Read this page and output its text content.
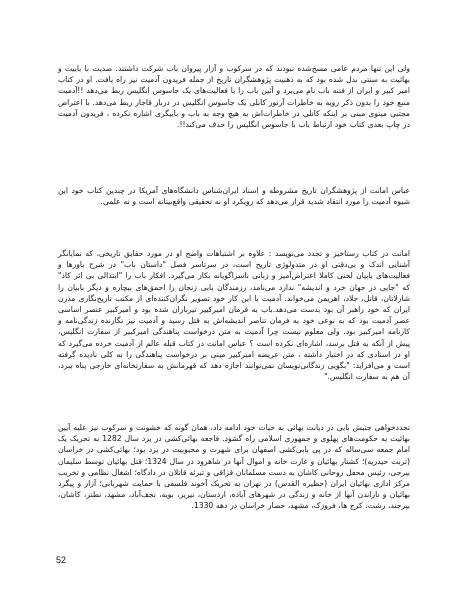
ولی این تنها مردم عامی مسخ‌شده نبودند که در سرکوب و آزار پیروان باب شرکت داشتند. ضدیت با بابیت و بهائیت به سنتی بدل شده بود که به ذهنیت پژوهشگران تاریخ از جمله فریدون آدمیت نیز راه یافت. او در کتاب امیر کبیر و ایران از فتنه باب نام می‌برد و آئین باب را با فعالیت‌های یک جاسوس انگلیس ربط می‌دهد !!آدمیت منبع خود را بدون ذکر رویه به خاطرات آرتور کانلی یک جاسوس انگلیس در دربار قاجار ربط می‌دهد. با اعتراض مجتبی مینوی مبنی بر اینکه کانلی در خاطرات‌اش به هیچ وجه به باب و بابیگری اشاره نکرده ، فریدون آدمیت در چاپ بعدی کتاب خود ارتباط باب با جاسوس انگلیس را حذف می‌کند!!.

عباس امانت از پژوهشگران تاریخ مشروطه و اسناد ایران‌شناس دانشگاه‌های آمریکا در چندین کتاب خود این شیوه آدمیت را مورد انتقاد شدید قرار می‌دهد که رویکرد او نه تحقیقی واقع‌بینانه است و نه علمی.

امانت در کتاب رستاخیز و تجدد می‌نویسد : علاوه بر اشتباهات واضح او در مورد حقایق تاریخی، که نمایانگر آشنایی اندک و بی‌دقتی او در متدولوژی تاریخ است، در سرتاسر فصل "داستان باب" در شرح باورها و فعالیت‌های بابیان لحنی کاملا اعتراض‌آمیز و زبانی ناسزاگویانه بکار می‌گیرد. افکار باب را "ابتذالی بی اثر کاذ" که "جایی در جهان خرد و اندیشه" ندارد می‌نامد، رزمندگان بابی زنجان را احمق‌های بیچاره و دیگر بابیان را شارلاتان، قاتل، جلاد، اهریمن می‌خواند. آدمیت با این کار خود تصویر نگران‌کننده‌ای از مکتب تاریخ‌نگاری مدرن ایران که خود راهبر آن بود بدست می‌دهد.باب به فرمان امیرکبیر تیرباران شده بود و امیرکبیر عنصر اساسی عصر آدمیت بود که به نوعی خود به فرمان تناصر اندیشه‌اش به قتل رسید و آدمیت نیز نگارنده زندگی‌نامه و کارنامه امیرکبیر بود. ولی معلوم نیست چرا آدمیت به متن درخواست پناهندگی امیرکبیر از سفارت انگلیس، پیش از آنکه به قتل برسد، اشاره‌ای نکرده است ؟ عباس امانت در کتاب قبله عالم از آدمیت خرده می‌گیرد که او در اسنادی که در اختیار داشته ، متن عریضه امیرکبیر مبنی بر درخواست پناهندگی را به کلی نادیده گرفته است و می‌افزاید: "بگویی زندگانی‌نویسان نمی‌توانند اجازه دهد که قهرمانش به سفارتخانه‌ای خارجی پناه ببرد، آن هم به سفارت انگلیس."

تجددخواهی جنبش بابی در دیانت بهائی به حیات خود ادامه داد، همان گونه که خشونت و سرکوب نیز علیه آیین بهائیت به حکومت‌های پهلوی و جمهوری اسلامی راه گشود. فاجعه بهائی‌کشی در یزد سال 1282 به تحریک یک امام جمعه سی‌ساله که در پی بابی‌کشی اصفهان برای شهرت و محبوبیت در یزد بود؛ بهائی‌کشی در خراسان (تربت حیدریه)؛ کشتار بهائیان و غارت خانه و اموال آنها در شاهرود در سال 1324؛ قتل بهائیان توسط سلیمان بیرجی، رئیس محفل روحانی کاشان به دست مسلمانان قزاقی و تبرئه قاتلان در دادگاه؛ اشغال نظامی و تخریب مرکز اداری بهائیان ایران (حظیره القدس) در تهران به تحریک آخوند فلسفی با حمایت شهربانی؛ آزار و پیگرد بهائیان و ناراندن آنها از خانه و زندگی در شهرهای آباده، اردستان، نیریز، بویه، نجف‌آباد، مشهد، نطنز، کاشان، بیرجند، رشت، کرج ها، فروزک، مشهد، حصار خراسان در دهه 1330.

52
